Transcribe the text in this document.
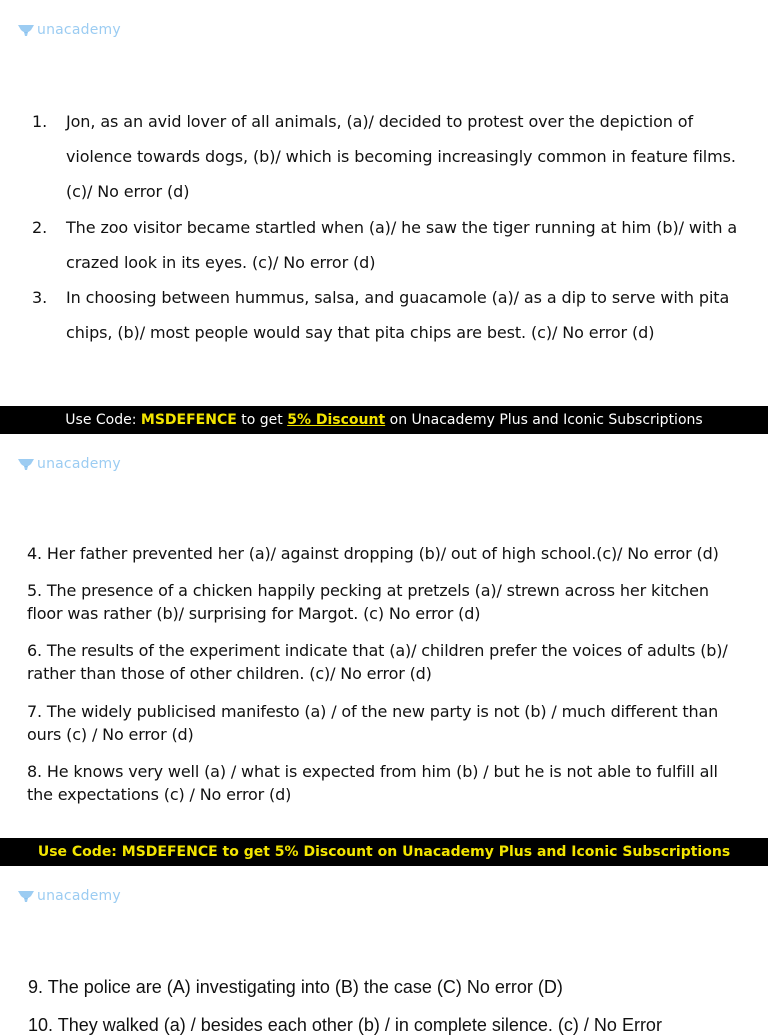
unacademy
1. Jon, as an avid lover of all animals, (a)/ decided to protest over the depiction of violence towards dogs, (b)/ which is becoming increasingly common in feature films. (c)/ No error (d)
2. The zoo visitor became startled when (a)/ he saw the tiger running at him (b)/ with a crazed look in its eyes. (c)/ No error (d)
3. In choosing between hummus, salsa, and guacamole (a)/ as a dip to serve with pita chips, (b)/ most people would say that pita chips are best. (c)/ No error (d)
Use Code: MSDEFENCE to get 5% Discount on Unacademy Plus and Iconic Subscriptions
unacademy

4. Her father prevented her (a)/ against dropping (b)/ out of high school.(c)/ No error (d)

5. The presence of a chicken happily pecking at pretzels (a)/ strewn across her kitchen floor was rather (b)/ surprising for Margot. (c) No error (d)

6. The results of the experiment indicate that (a)/ children prefer the voices of adults (b)/ rather than those of other children. (c)/ No error (d)

7. The widely publicised manifesto (a) / of the new party is not (b) / much different than ours (c) / No error (d)

8. He knows very well (a) / what is expected from him (b) / but he is not able to fulfill all the expectations (c) / No error (d)

Use Code: MSDEFENCE to get 5% Discount on Unacademy Plus and Iconic Subscriptions
unacademy

9. The police are (A) investigating into (B) the case (C) No error (D)

10. They walked (a) / besides each other (b) / in complete silence. (c) / No Error
